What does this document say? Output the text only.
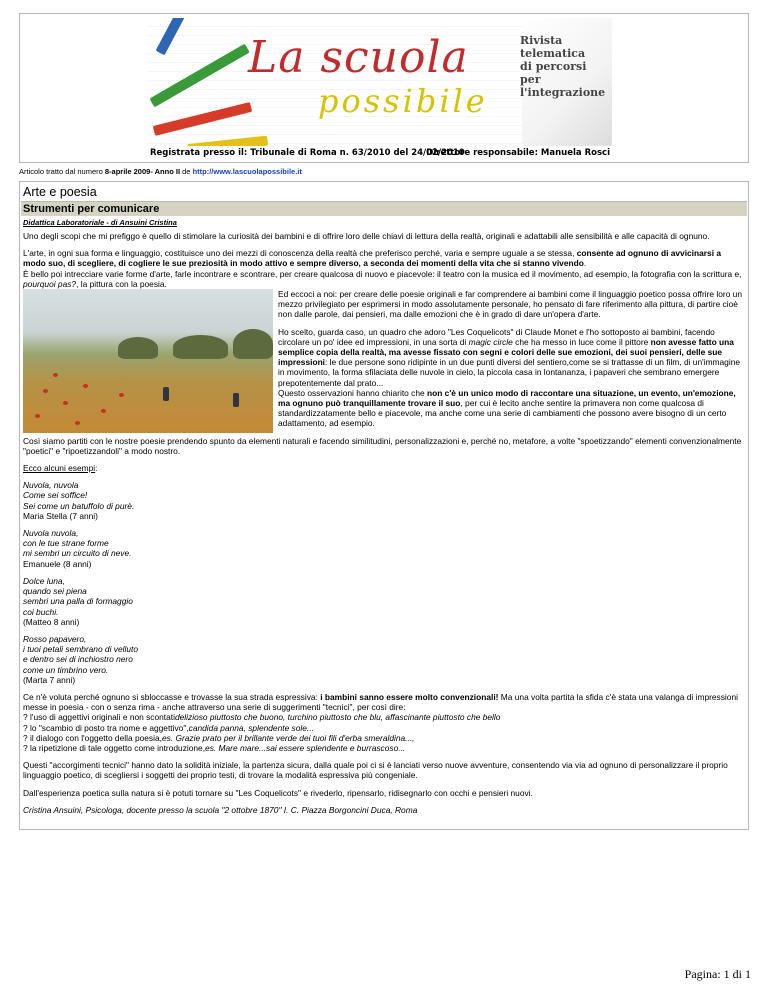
La scuola
possibile
Rivista
telematica
di percorsi
per l'integrazione
Registrata presso il: Tribunale di Roma n. 63/2010 del 24/02/2010
Direttore responsabile: Manuela Rosci
Articolo tratto dal numero 8-aprile 2009- Anno II de http://www.lascuolapossibile.it
Arte e poesia
Strumenti per comunicare
Didattica Laboratoriale - di Ansuini Cristina

Uno degli scopi che mi prefiggo è quello di stimolare la curiosità dei bambini e di offrire loro delle chiavi di lettura della realtà, originali e adattabili alle sensibilità e alle capacità di ognuno.

L'arte, in ogni sua forma e linguaggio, costituisce uno dei mezzi di conoscenza della realtà che preferisco perché, varia e sempre uguale a se stessa, consente ad ognuno di avvicinarsi a modo suo, di scegliere, di cogliere le sue preziosità in modo attivo e sempre diverso, a seconda dei momenti della vita che si stanno vivendo.

È bello poi intrecciare varie forme d'arte, farle incontrare e scontrare, per creare qualcosa di nuovo e piacevole: il teatro con la musica ed il movimento, ad esempio, la fotografia con la scrittura e, pourquoi pas?, la pittura con la poesia.

Ed eccoci a noi: per creare delle poesie originali e far comprendere ai bambini come il linguaggio poetico possa offrire loro un mezzo privilegiato per esprimersi in modo assolutamente personale, ho pensato di fare riferimento alla pittura, di partire cioè non dalle parole, dai pensieri, ma dalle emozioni che è in grado di dare un'opera d'arte.

Ho scelto, guarda caso, un quadro che adoro "Les Coquelicots" di Claude Monet e l'ho sottoposto ai bambini, facendo circolare un po' idee ed impressioni, in una sorta di magic circle che ha messo in luce come il pittore non avesse fatto una semplice copia della realtà, ma avesse fissato con segni e colori delle sue emozioni, dei suoi pensieri, delle sue impressioni: le due persone sono ridipinte in un due punti diversi del sentiero,come se si trattasse di un film, di un'immagine in movimento, la forma sfilaciata delle nuvole in cielo, la piccola casa in lontananza, i papaveri che sembrano emergere prepotentemente dal prato...

Questo osservazioni hanno chiarito che non c'è un unico modo di raccontare una situazione, un evento, un'emozione, ma ognuno può tranquillamente trovare il suo, per cui è lecito anche sentire la primavera non come qualcosa di standardizzatamente bello e piacevole, ma anche come una serie di cambiamenti che possono avere bisogno di un certo adattamento, ad esempio.

Così siamo partiti con le nostre poesie prendendo spunto da elementi naturali e facendo similitudini, personalizzazioni e, perché no, metafore, a volte "spoetizzando" elementi convenzionalmente "poetici" e "ripoetizzandoli" a modo nostro.

Ecco alcuni esempi:

Nuvola, nuvola
Come sei soffice!
Sei come un batuffolo di purè.
Maria Stella (7 anni)
Nuvola nuvola,
con le tue strane forme
mi sembri un circuito di neve.
Emanuele (8 anni)
Dolce luna,
quando sei piena
sembri una palla di formaggio
coi buchi.
(Matteo 8 anni)
Rosso papavero,
i tuoi petali sembrano di velluto
e dentro sei di inchiostro nero
come un timbrino vero.
(Marta 7 anni)

Ce n'è voluta perché ognuno si sbloccasse e trovasse la sua strada espressiva: i bambini sanno essere molto convenzionali! Ma una volta partita la sfida c'è stata una valanga di impressioni messe in poesia - con o senza rima - anche attraverso una serie di suggerimenti "tecnici", per così dire:

? l'uso di aggettivi originali e non scontatidelizioso piuttosto che buono, turchino piuttosto che blu, affascinante piuttosto che bello
? lo "scambio di posto tra nome e aggettivo",candida panna, splendente sole...
? il dialogo con l'oggetto della poesia,es. Grazie prato per il brillante verde dei tuoi fili d'erba smeraldina...,
? la ripetizione di tale oggetto come introduzione,es. Mare mare...sai essere splendente e burrascoso...

Questi "accorgimenti tecnici" hanno dato la solidità iniziale, la partenza sicura, dalla quale poi ci si è lanciati verso nuove avventure, consentendo via via ad ognuno di personalizzare il proprio linguaggio poetico, di scegliersi i soggetti dei proprio testi, di trovare la modalità espressiva più congeniale.

Dall'esperienza poetica sulla natura si è potuti tornare su "Les Coquelicots" e rivederlo, ripensarlo, ridisegnarlo con occhi e pensieri nuovi.

Cristina Ansuini, Psicologa, docente presso la scuola "2 ottobre 1870" I. C. Piazza Borgoncini Duca, Roma

Pagina: 1 di 1
